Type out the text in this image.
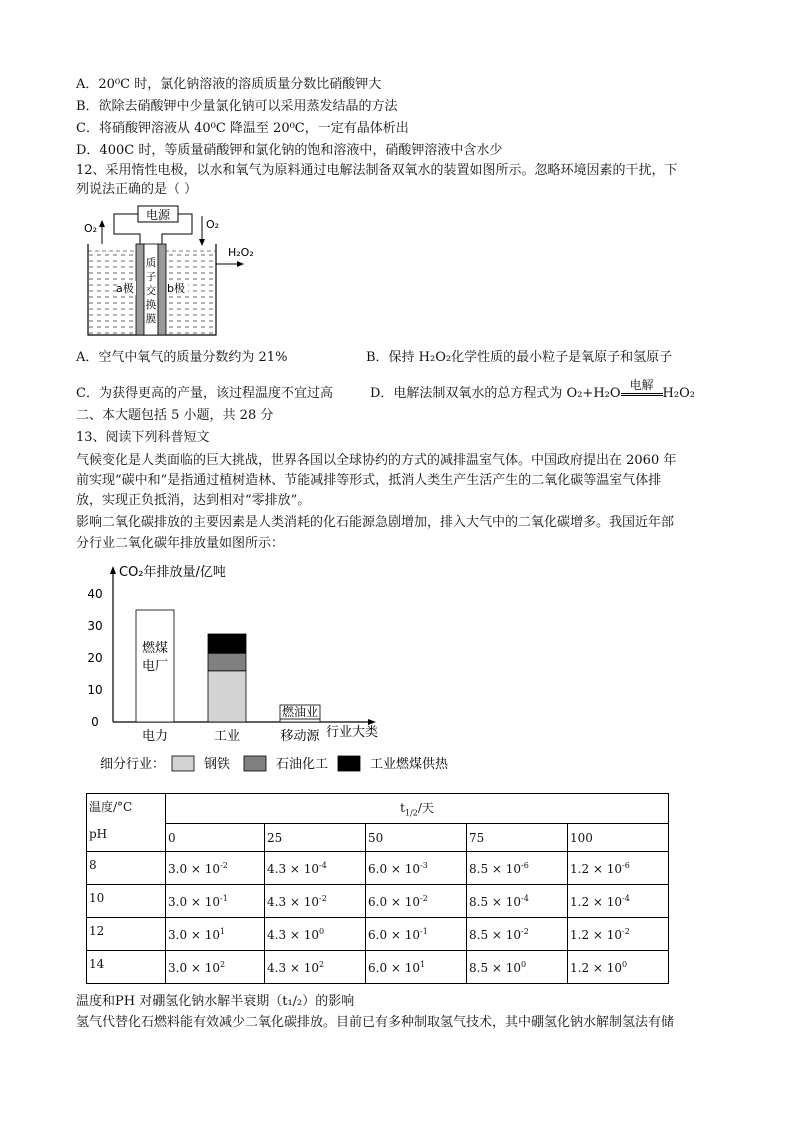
A．20⁰C 时，氯化钠溶液的溶质质量分数比硝酸钾大
B．欲除去硝酸钾中少量氯化钠可以采用蒸发结晶的方法
C．将硝酸钾溶液从 40⁰C 降温至 20⁰C，一定有晶体析出
D．400C 时，等质量硝酸钾和氯化钠的饱和溶液中，硝酸钾溶液中含水少
12、采用惰性电极，以水和氧气为原料通过电解法制备双氧水的装置如图所示。忽略环境因素的干扰，下
列说法正确的是（ ）
电源
O₂	O₂
H₂O₂
a极	b极
质
子
交
换
膜
A．空气中氧气的质量分数约为 21%	B．保持 H₂O₂化学性质的最小粒子是氧原子和氢原子
C．为获得更高的产量，该过程温度不宜过高	D．电解法制双氧水的总方程式为 O₂+H₂O
电解
H₂O₂
二、本大题包括 5 小题，共 28 分
13、阅读下列科普短文
气候变化是人类面临的巨大挑战，世界各国以全球协约的方式的减排温室气体。中国政府提出在 2060 年
前实现“碳中和”是指通过植树造林、节能减排等形式，抵消人类生产生活产生的二氧化碳等温室气体排
放，实现正负抵消，达到相对“零排放”。
影响二氧化碳排放的主要因素是人类消耗的化石能源急剧增加，排入大气中的二氧化碳增多。我国近年部
分行业二氧化碳年排放量如图所示：
CO₂年排放量/亿吨
行业大类
0
10
20
30
40
电力	工业	移动源
燃煤
电厂
燃油业
细分行业：	钢铁	石油化工	工业燃煤供热
温度/°C
pH	$t_{1/2}/$天				
	0	25	50	75	100
8	$3.0 \times 10^{-2}$	$4.3 \times 10^{-4}$	$6.0 \times 10^{-3}$	$8.5 \times 10^{-6}$	$1.2 \times 10^{-6}$
10	$3.0 \times 10^{-1}$	$4.3 \times 10^{-2}$	$6.0 \times 10^{-2}$	$8.5 \times 10^{-4}$	$1.2 \times 10^{-4}$
12	$3.0 \times 10^1$	$4.3 \times 10^0$	$6.0 \times 10^{-1}$	$8.5 \times 10^{-2}$	$1.2 \times 10^{-2}$
14	$3.0 \times 10^2$	$4.3 \times 10^2$	$6.0 \times 10^1$	$8.5 \times 10^0$	$1.2 \times 10^0$
温度和PH 对硼氢化钠水解半衰期（t₁/₂）的影响
氢气代替化石燃料能有效减少二氧化碳排放。目前已有多种制取氢气技术，其中硼氢化钠水解制氢法有储
